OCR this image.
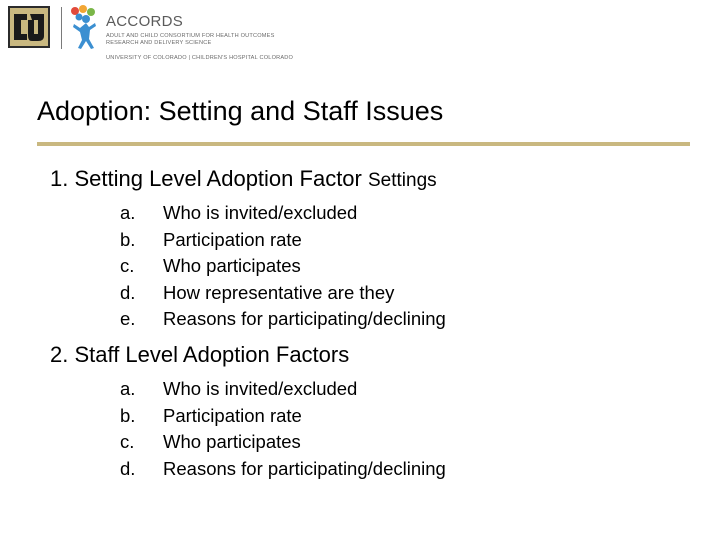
ACCORDS
ADULT AND CHILD CONSORTIUM FOR HEALTH OUTCOMES
RESEARCH AND DELIVERY SCIENCE
UNIVERSITY OF COLORADO | CHILDREN'S HOSPITAL COLORADO
Adoption: Setting and Staff Issues
1. Setting Level Adoption Factor Settings
a.	Who is invited/excluded
b.	Participation rate
c.	Who participates
d.	How representative are they
e.	Reasons for participating/declining
2. Staff Level Adoption Factors
a.	Who is invited/excluded
b.	Participation rate
c.	Who participates
d.	Reasons for participating/declining
